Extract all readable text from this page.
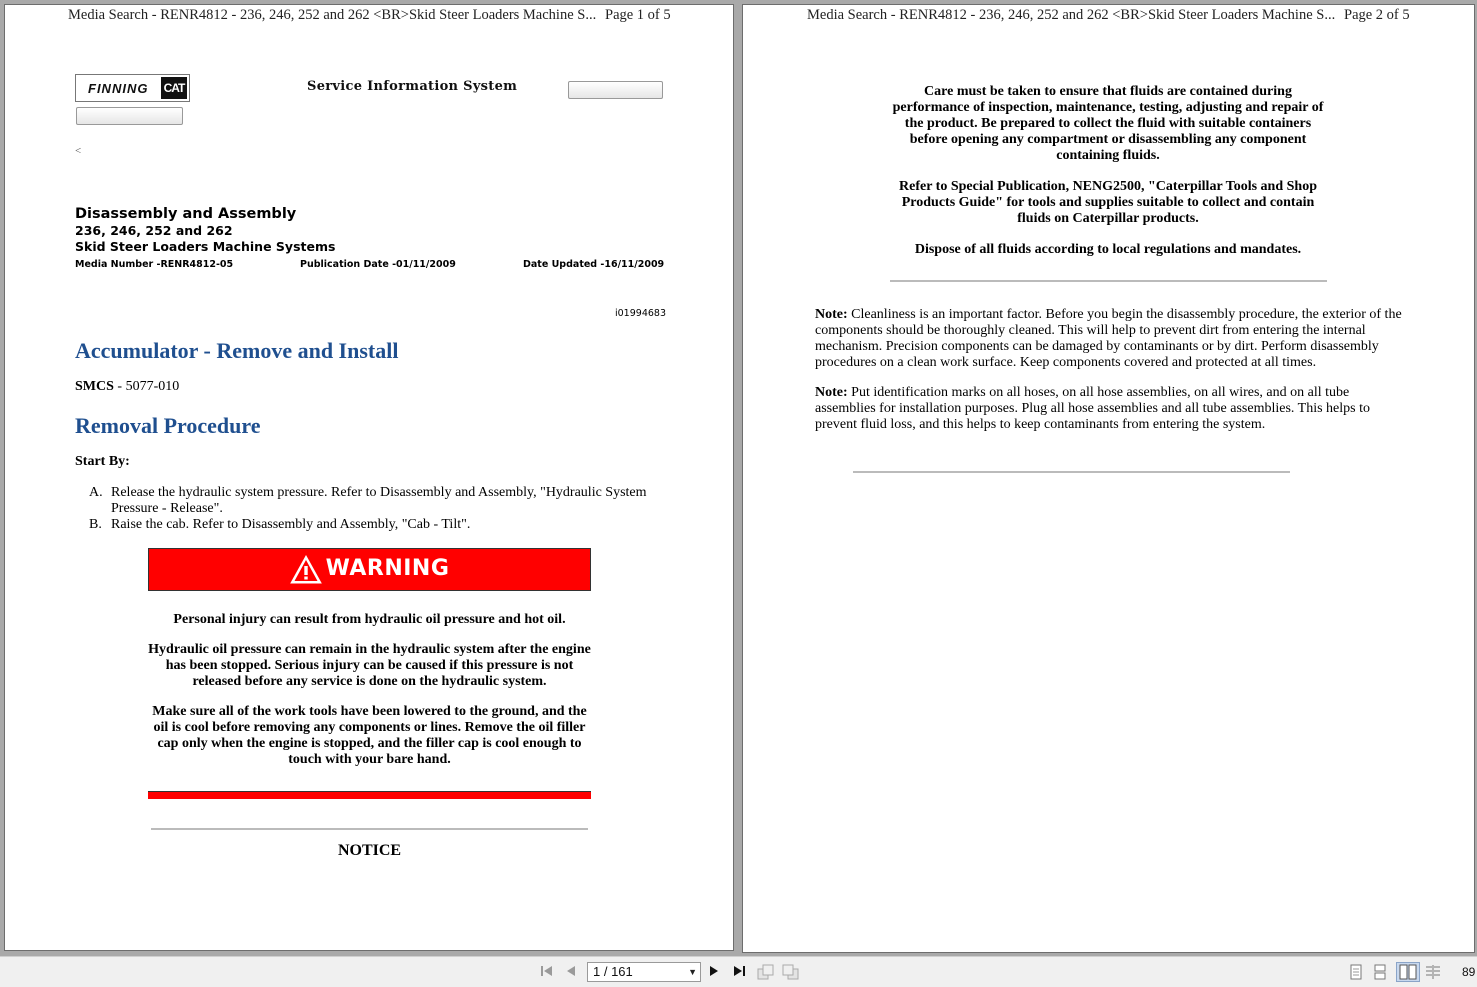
Media Search - RENR4812 - 236, 246, 252 and 262 <BR>Skid Steer Loaders Machine S... Page 1 of 5
FINNING CAT	Service Information System
<
Disassembly and Assembly
236, 246, 252 and 262
Skid Steer Loaders Machine Systems
Media Number -RENR4812-05	Publication Date -01/11/2009	Date Updated -16/11/2009
i01994683
Accumulator - Remove and Install
SMCS - 5077-010
Removal Procedure
Start By:
A. Release the hydraulic system pressure. Refer to Disassembly and Assembly, "Hydraulic System Pressure - Release".
B. Raise the cab. Refer to Disassembly and Assembly, "Cab - Tilt".
WARNING

Personal injury can result from hydraulic oil pressure and hot oil.

Hydraulic oil pressure can remain in the hydraulic system after the engine has been stopped. Serious injury can be caused if this pressure is not released before any service is done on the hydraulic system.

Make sure all of the work tools have been lowered to the ground, and the oil is cool before removing any components or lines. Remove the oil filler cap only when the engine is stopped, and the filler cap is cool enough to touch with your bare hand.

NOTICE
Media Search - RENR4812 - 236, 246, 252 and 262 <BR>Skid Steer Loaders Machine S... Page 2 of 5

Care must be taken to ensure that fluids are contained during performance of inspection, maintenance, testing, adjusting and repair of the product. Be prepared to collect the fluid with suitable containers before opening any compartment or disassembling any component containing fluids.

Refer to Special Publication, NENG2500, "Caterpillar Tools and Shop Products Guide" for tools and supplies suitable to collect and contain fluids on Caterpillar products.

Dispose of all fluids according to local regulations and mandates.

Note: Cleanliness is an important factor. Before you begin the disassembly procedure, the exterior of the components should be thoroughly cleaned. This will help to prevent dirt from entering the internal mechanism. Precision components can be damaged by contaminants or by dirt. Perform disassembly procedures on a clean work surface. Keep components covered and protected at all times.

Note: Put identification marks on all hoses, on all hose assemblies, on all wires, and on all tube assemblies for installation purposes. Plug all hose assemblies and all tube assemblies. This helps to prevent fluid loss, and this helps to keep contaminants from entering the system.

1 / 161	▼	89
